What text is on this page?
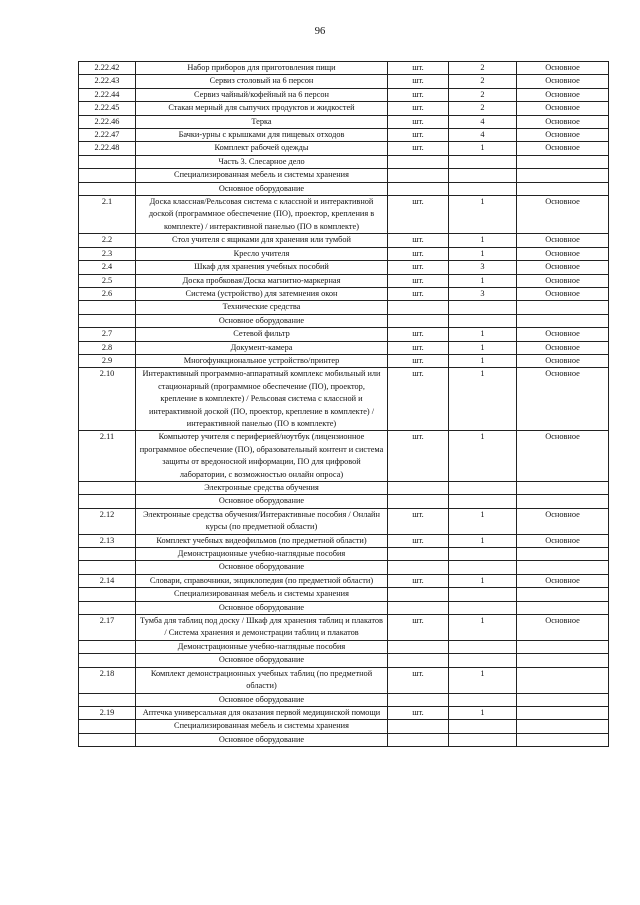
96
2.22.42	Набор приборов для приготовления пищи	шт.	2	Основное
2.22.43	Сервиз столовый на 6 персон	шт.	2	Основное
2.22.44	Сервиз чайный/кофейный на 6 персон	шт.	2	Основное
2.22.45	Стакан мерный для сыпучих продуктов и жидкостей	шт.	2	Основное
2.22.46	Терка	шт.	4	Основное
2.22.47	Бачки-урны с крышками для пищевых отходов	шт.	4	Основное
2.22.48	Комплект рабочей одежды	шт.	1	Основное
	Часть 3. Слесарное дело			
	Специализированная мебель и системы хранения			
	Основное оборудование			
2.1	Доска классная/Рельсовая система с классной и интерактивной доской (программное обеспечение (ПО), проектор, крепления в комплекте) / интерактивной панелью (ПО в комплекте)	шт.	1	Основное
2.2	Стол учителя с ящиками для хранения или тумбой	шт.	1	Основное
2.3	Кресло учителя	шт.	1	Основное
2.4	Шкаф для хранения учебных пособий	шт.	3	Основное
2.5	Доска пробковая/Доска магнитно-маркерная	шт.	1	Основное
2.6	Система (устройство) для затемнения окон	шт.	3	Основное
	Технические средства			
	Основное оборудование			
2.7	Сетевой фильтр	шт.	1	Основное
2.8	Документ-камера	шт.	1	Основное
2.9	Многофункциональное устройство/принтер	шт.	1	Основное
2.10	Интерактивный программно-аппаратный комплекс мобильный или стационарный (программное обеспечение (ПО), проектор, крепление в комплекте) / Рельсовая система с классной и интерактивной доской (ПО, проектор, крепление в комплекте) / интерактивной панелью (ПО в комплекте)	шт.	1	Основное
2.11	Компьютер учителя с периферией/ноутбук (лицензионное программное обеспечение (ПО), образовательный контент и система защиты от вредоносной информации, ПО для цифровой лаборатории, с возможностью онлайн опроса)	шт.	1	Основное
	Электронные средства обучения			
	Основное оборудование			
2.12	Электронные средства обучения/Интерактивные пособия / Онлайн курсы (по предметной области)	шт.	1	Основное
2.13	Комплект учебных видеофильмов (по предметной области)	шт.	1	Основное
	Демонстрационные учебно-наглядные пособия			
	Основное оборудование			
2.14	Словари, справочники, энциклопедия (по предметной области)	шт.	1	Основное
	Специализированная мебель и системы хранения			
	Основное оборудование			
2.17	Тумба для таблиц под доску / Шкаф для хранения таблиц и плакатов / Система хранения и демонстрации таблиц и плакатов	шт.	1	Основное
	Демонстрационные учебно-наглядные пособия			
	Основное оборудование			
2.18	Комплект демонстрационных учебных таблиц (по предметной области)	шт.	1	
	Основное оборудование			
2.19	Аптечка универсальная для оказания первой медицинской помощи	шт.	1	
	Специализированная мебель и системы хранения			
	Основное оборудование			
